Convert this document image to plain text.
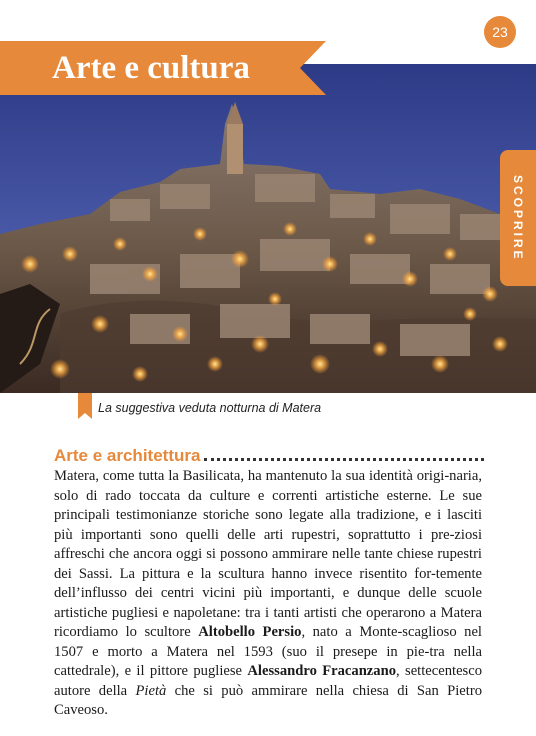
23
Arte e cultura
SCOPRIRE
La suggestiva veduta notturna di Matera
Arte e architettura

Matera, come tutta la Basilicata, ha mantenuto la sua identità origi-naria, solo di rado toccata da culture e correnti artistiche esterne. Le sue principali testimonianze storiche sono legate alla tradizione, e i lasciti più importanti sono quelli delle arti rupestri, soprattutto i pre-ziosi affreschi che ancora oggi si possono ammirare nelle tante chiese rupestri dei Sassi. La pittura e la scultura hanno invece risentito for-temente dell’influsso dei centri vicini più importanti, e dunque delle scuole artistiche pugliesi e napoletane: tra i tanti artisti che operarono a Matera ricordiamo lo scultore Altobello Persio, nato a Monte-scaglioso nel 1507 e morto a Matera nel 1593 (suo il presepe in pie-tra nella cattedrale), e il pittore pugliese Alessandro Fracanzano, settecentesco autore della Pietà che si può ammirare nella chiesa di San Pietro Caveoso.
